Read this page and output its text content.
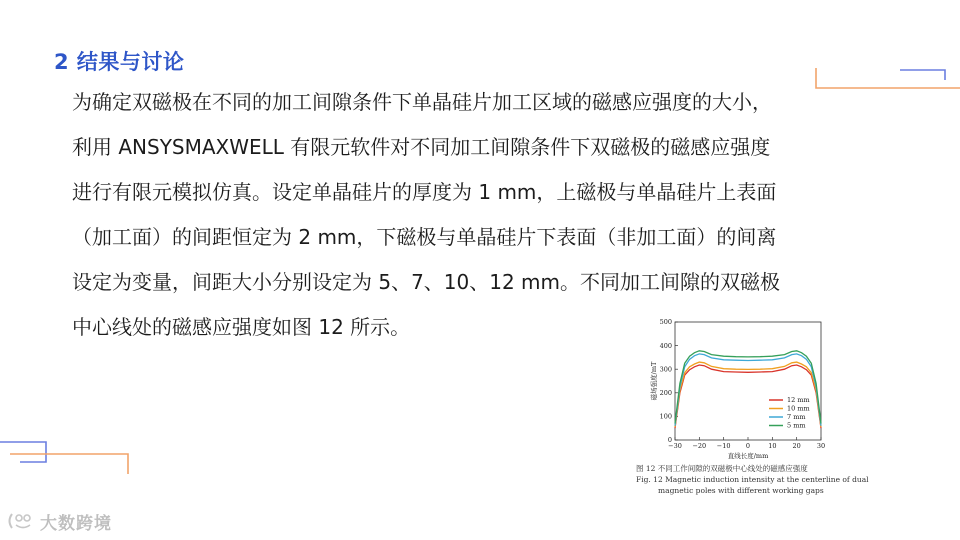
2 结果与讨论
为确定双磁极在不同的加工间隙条件下单晶硅片加工区域的磁感应强度的大小，
利用 ANSYSMAXWELL 有限元软件对不同加工间隙条件下双磁极的磁感应强度
进行有限元模拟仿真。设定单晶硅片的厚度为 1 mm，上磁极与单晶硅片上表面
（加工面）的间距恒定为 2 mm，下磁极与单晶硅片下表面（非加工面）的间离
设定为变量，间距大小分别设定为 5、7、10、12 mm。不同加工间隙的双磁极
中心线处的磁感应强度如图 12 所示。
−30 −20 −10 0	10 20 30
0
100
200
300
400
500
直线长度/mm
磁场强度/mT	12 mm
10 mm
7 mm
5 mm
图 12 不同工作间隙的双磁极中心线处的磁感应强度
Fig. 12 Magnetic induction intensity at the centerline of dual
magnetic poles with different working gaps
大数跨境
